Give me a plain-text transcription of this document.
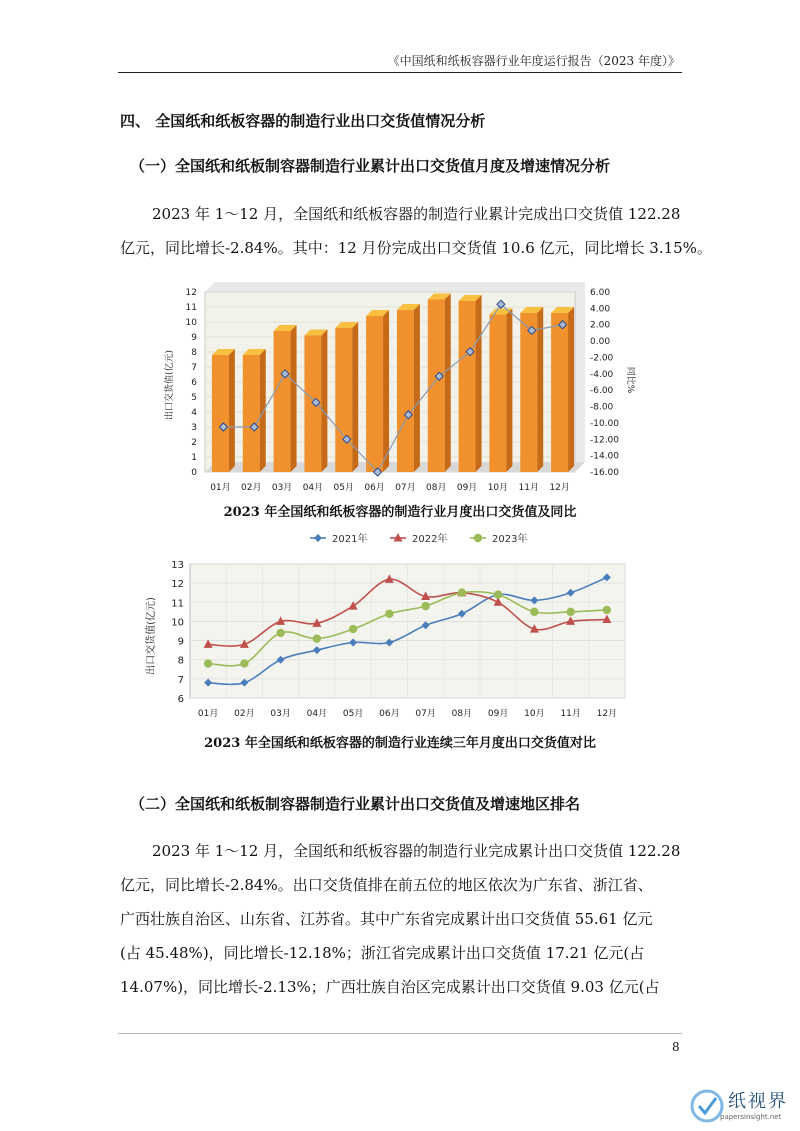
《中国纸和纸板容器行业年度运行报告（2023 年度）》
四、 全国纸和纸板容器的制造行业出口交货值情况分析
（一）全国纸和纸板制容器制造行业累计出口交货值月度及增速情况分析
2023 年 1～12 月，全国纸和纸板容器的制造行业累计完成出口交货值 122.28
亿元，同比增长-2.84%。其中：12 月份完成出口交货值 10.6 亿元，同比增长 3.15%。
0
1
2
3
4
5
6
7
8
9
10
11
12	6.00
4.00
2.00
0.00
-2.00
-4.00
-6.00
-8.00
-10.00
-12.00
-14.00
-16.00
01月 02月 03月 04月 05月 06月 07月 08月 09月 10月 11月 12月
出口交货值(亿元)	同比%
2023 年全国纸和纸板容器的制造行业月度出口交货值及同比
2021年	2022年	2023年
6
7
8
9
10
11
12
13
01月 02月 03月 04月 05月 06月 07月 08月 09月 10月 11月 12月
出口交货值(亿元)
2023 年全国纸和纸板容器的制造行业连续三年月度出口交货值对比
（二）全国纸和纸板制容器制造行业累计出口交货值及增速地区排名
2023 年 1～12 月，全国纸和纸板容器的制造行业完成累计出口交货值 122.28
亿元，同比增长-2.84%。出口交货值排在前五位的地区依次为广东省、浙江省、
广西壮族自治区、山东省、江苏省。其中广东省完成累计出口交货值 55.61 亿元
(占 45.48%)，同比增长-12.18%；浙江省完成累计出口交货值 17.21 亿元(占
14.07%)，同比增长-2.13%；广西壮族自治区完成累计出口交货值 9.03 亿元(占
8
纸视界
papersinsight.net
